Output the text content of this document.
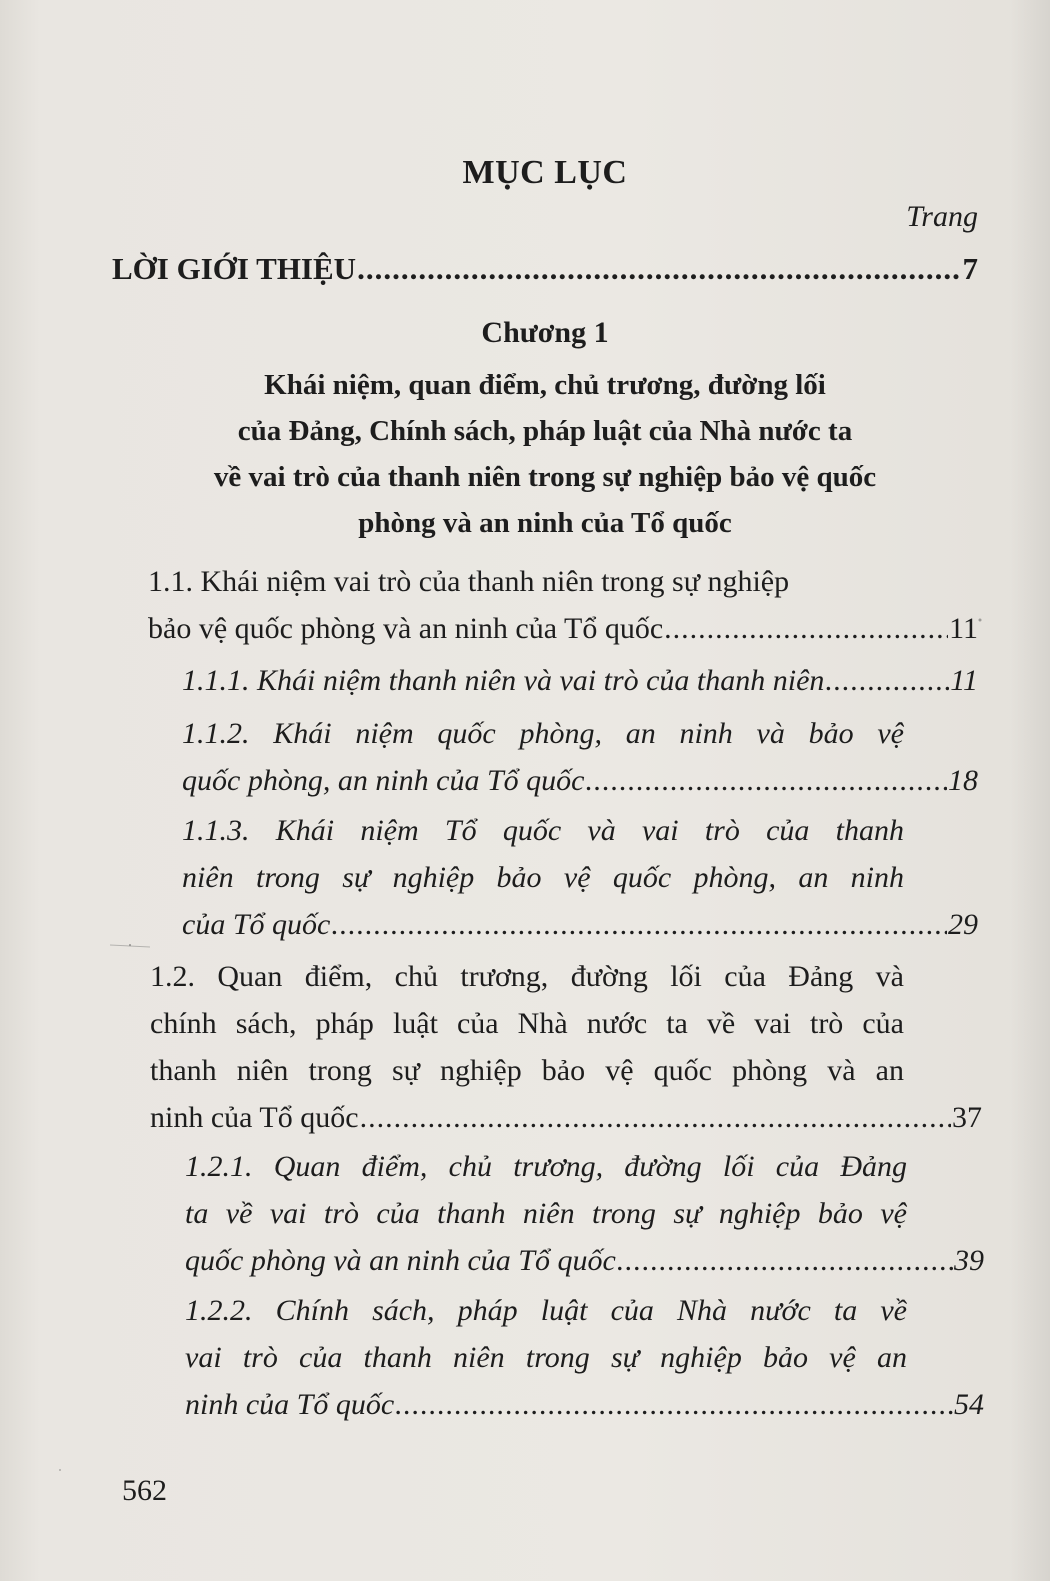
MỤC LỤC
Trang
LỜI GIỚI THIỆU .....	7
Chương 1
Khái niệm, quan điểm, chủ trương, đường lối
của Đảng, Chính sách, pháp luật của Nhà nước ta
về vai trò của thanh niên trong sự nghiệp bảo vệ quốc
phòng và an ninh của Tổ quốc
1.1. Khái niệm vai trò của thanh niên trong sự nghiệp
bảo vệ quốc phòng và an ninh của Tổ quốc .....	11
1.1.1. Khái niệm thanh niên và vai trò của thanh niên .....	11
1.1.2. Khái niệm quốc phòng, an ninh và bảo vệ
quốc phòng, an ninh của Tổ quốc .....	18
1.1.3. Khái niệm Tổ quốc và vai trò của thanh
niên trong sự nghiệp bảo vệ quốc phòng, an ninh
của Tổ quốc .....	29
1.2. Quan điểm, chủ trương, đường lối của Đảng và
chính sách, pháp luật của Nhà nước ta về vai trò của
thanh niên trong sự nghiệp bảo vệ quốc phòng và an
ninh của Tổ quốc .....	37
1.2.1. Quan điểm, chủ trương, đường lối của Đảng
ta về vai trò của thanh niên trong sự nghiệp bảo vệ
quốc phòng và an ninh của Tổ quốc .....	39
1.2.2. Chính sách, pháp luật của Nhà nước ta về
vai trò của thanh niên trong sự nghiệp bảo vệ an
ninh của Tổ quốc .....	54
562
